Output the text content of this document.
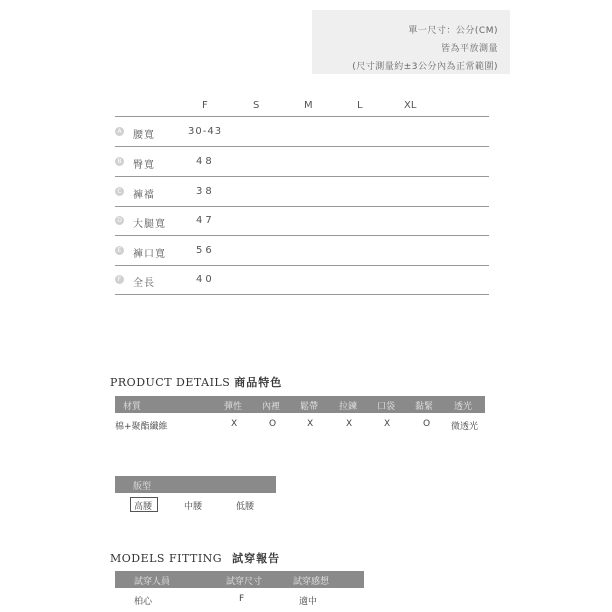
單一尺寸：公分(CM)
皆為平放測量
(尺寸測量約±3公分內為正常範圍)
F	S	M	L	XL
A 腰寬	30-43
B 臀寬	48
C 褲襠	38
D 大腿寬	47
E 褲口寬	56
F 全長	40
PRODUCT DETAILS 商品特色
材質	彈性 內裡 鬆帶 拉鍊 口袋 黏緊 透光
棉+聚酯纖維	X	O	X	X	X	O 微透光
版型
高腰	中腰	低腰
MODELS FITTING 試穿報告
試穿人員	試穿尺寸	試穿感想
柏心	F	適中
